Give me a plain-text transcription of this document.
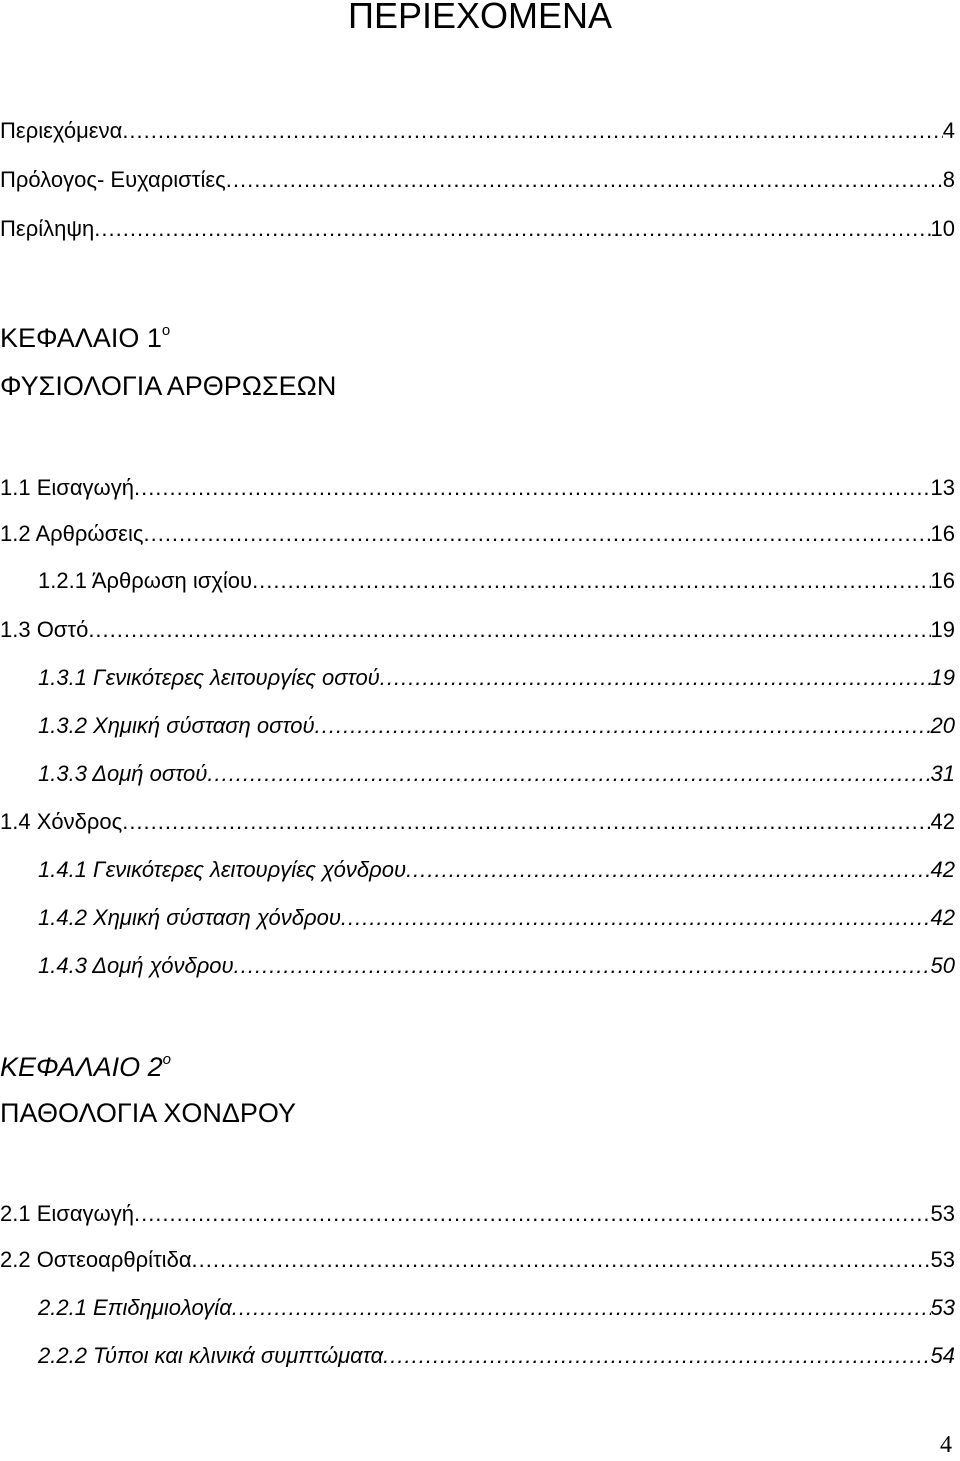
ΠΕΡΙΕΧΟΜΕΝΑ
Περιεχόμενα .....	4
Πρόλογος- Ευχαριστίες .....	8
Περίληψη .....	10
ΚΕΦΑΛΑΙΟ $1^o$
ΦΥΣΙΟΛΟΓΙΑ ΑΡΘΡΩΣΕΩΝ
1.1 Εισαγωγή .....	13
1.2 Αρθρώσεις .....	16
1.2.1 Άρθρωση ισχίου .....	16
1.3 Οστό .....	19
1.3.1 Γενικότερες λειτουργίες οστού .....	19
1.3.2 Χημική σύσταση οστού .....	20
1.3.3 Δομή οστού .....	31
1.4 Χόνδρος .....	42
1.4.1 Γενικότερες λειτουργίες χόνδρου .....	42
1.4.2 Χημική σύσταση χόνδρου .....	42
1.4.3 Δομή χόνδρου .....	50
ΚΕΦΑΛΑΙΟ $2^o$
ΠΑΘΟΛΟΓΙΑ ΧΟΝΔΡΟΥ
2.1 Εισαγωγή .....	53
2.2 Οστεοαρθρίτιδα .....	53
2.2.1 Επιδημιολογία .....	53
2.2.2 Τύποι και κλινικά συμπτώματα .....	54
4
